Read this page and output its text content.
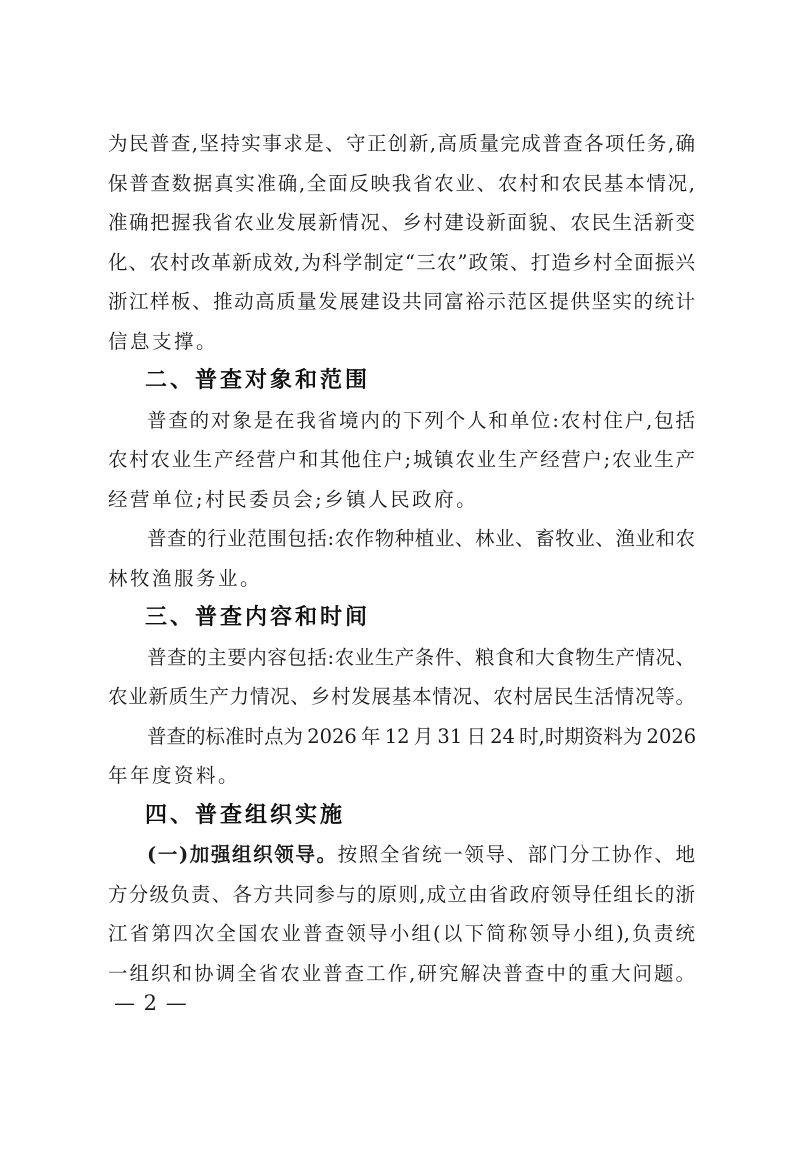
为民普查,坚持实事求是、守正创新,高质量完成普查各项任务,确
保普查数据真实准确,全面反映我省农业、农村和农民基本情况,
准确把握我省农业发展新情况、乡村建设新面貌、农民生活新变
化、农村改革新成效,为科学制定“三农”政策、打造乡村全面振兴
浙江样板、推动高质量发展建设共同富裕示范区提供坚实的统计
信息支撑。
二、普查对象和范围
普查的对象是在我省境内的下列个人和单位:农村住户,包括
农村农业生产经营户和其他住户;城镇农业生产经营户;农业生产
经营单位;村民委员会;乡镇人民政府。
普查的行业范围包括:农作物种植业、林业、畜牧业、渔业和农
林牧渔服务业。
三、普查内容和时间
普查的主要内容包括:农业生产条件、粮食和大食物生产情况、
农业新质生产力情况、乡村发展基本情况、农村居民生活情况等。
普查的标准时点为 2026 年 12 月 31 日 24 时,时期资料为 2026
年年度资料。
四、普查组织实施
(一)加强组织领导。按照全省统一领导、部门分工协作、地
方分级负责、各方共同参与的原则,成立由省政府领导任组长的浙
江省第四次全国农业普查领导小组(以下简称领导小组),负责统
一组织和协调全省农业普查工作,研究解决普查中的重大问题。
— 2 —
